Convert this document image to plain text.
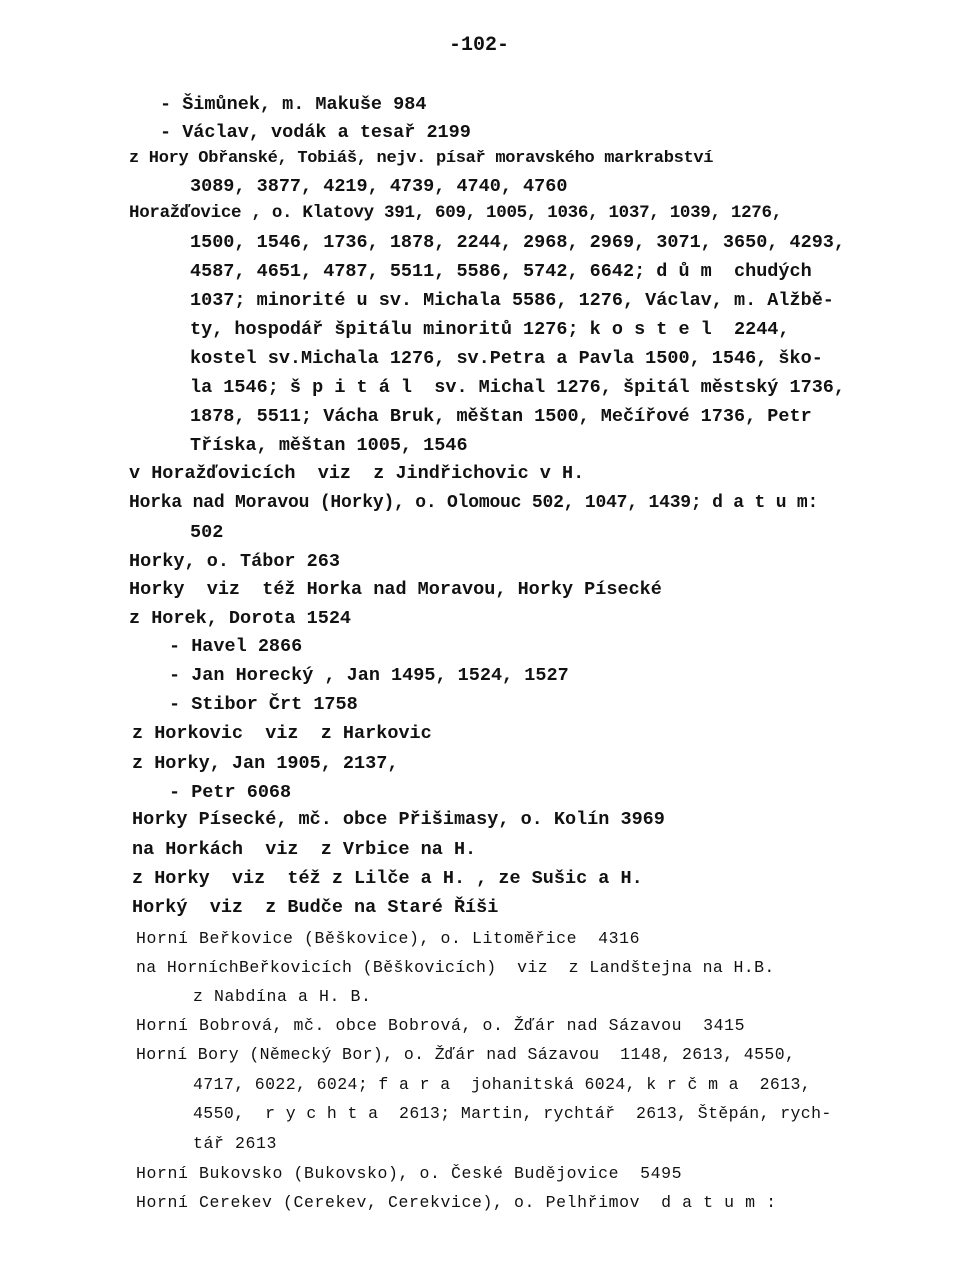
-102-
- Šimůnek, m. Makuše 984
- Václav, vodák a tesař 2199
z Hory Obřanské, Tobiáš, nejv. písař moravského markrabství
3089, 3877, 4219, 4739, 4740, 4760
Horažďovice , o. Klatovy 391, 609, 1005, 1036, 1037, 1039, 1276,
1500, 1546, 1736, 1878, 2244, 2968, 2969, 3071, 3650, 4293,
4587, 4651, 4787, 5511, 5586, 5742, 6642; d ů m  chudých
1037; minorité u sv. Michala 5586, 1276, Václav, m. Alžbě-
ty, hospodář špitálu minoritů 1276; k o s t e l  2244,
kostel sv.Michala 1276, sv.Petra a Pavla 1500, 1546, ško-
la 1546; š p i t á l  sv. Michal 1276, špitál městský 1736,
1878, 5511; Vácha Bruk, měštan 1500, Mečířové 1736, Petr
Tříska, měštan 1005, 1546
v Horažďovicích  viz  z Jindřichovic v H.
Horka nad Moravou (Horky), o. Olomouc 502, 1047, 1439; d a t u m:
502
Horky, o. Tábor 263
Horky  viz  též Horka nad Moravou, Horky Písecké
z Horek, Dorota 1524
- Havel 2866
- Jan Horecký , Jan 1495, 1524, 1527
- Stibor Črt 1758
z Horkovic  viz  z Harkovic
z Horky, Jan 1905, 2137,
- Petr 6068
Horky Písecké, mč. obce Přišimasy, o. Kolín 3969
na Horkách  viz  z Vrbice na H.
z Horky  viz  též z Lilče a H. , ze Sušic a H.
Horký  viz  z Budče na Staré Říši
Horní Beřkovice (Běškovice), o. Litoměřice  4316
na HorníchBeřkovicích (Běškovicích)  viz  z Landštejna na H.B.
z Nabdína a H. B.
Horní Bobrová, mč. obce Bobrová, o. Žďár nad Sázavou  3415
Horní Bory (Německý Bor), o. Žďár nad Sázavou  1148, 2613, 4550,
4717, 6022, 6024; f a r a  johanitská 6024, k r č m a  2613,
4550,  r y c h t a  2613; Martin, rychtář  2613, Štěpán, rych-
tář 2613
Horní Bukovsko (Bukovsko), o. České Budějovice  5495
Horní Cerekev (Cerekev, Cerekvice), o. Pelhřimov  d a t u m :
